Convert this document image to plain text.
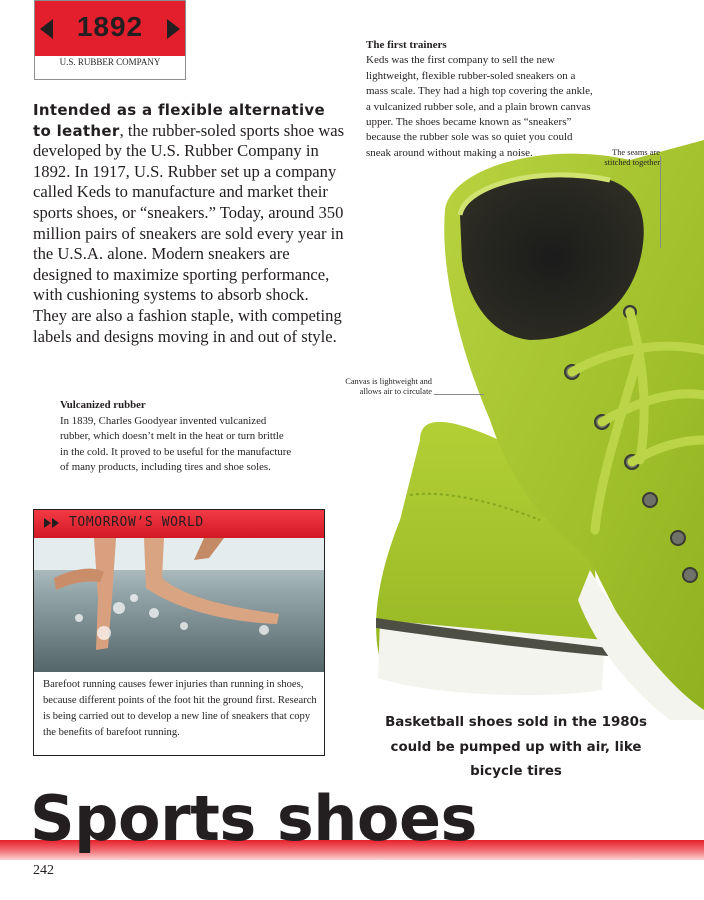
1892
U.S. RUBBER COMPANY
Intended as a flexible alternative to leather, the rubber-soled sports shoe was developed by the U.S. Rubber Company in 1892. In 1917, U.S. Rubber set up a company called Keds to manufacture and market their sports shoes, or “sneakers.” Today, around 350 million pairs of sneakers are sold every year in the U.S.A. alone. Modern sneakers are designed to maximize sporting performance, with cushioning systems to absorb shock. They are also a fashion staple, with competing labels and designs moving in and out of style.
The first trainers
Keds was the first company to sell the new lightweight, flexible rubber-soled sneakers on a mass scale. They had a high top covering the ankle, a vulcanized rubber sole, and a plain brown canvas upper. The shoes became known as “sneakers” because the rubber sole was so quiet you could sneak around without making a noise.	The seams are stitched together
Canvas is lightweight and allows air to circulate
Vulcanized rubber
In 1839, Charles Goodyear invented vulcanized rubber, which doesn’t melt in the heat or turn brittle in the cold. It proved to be useful for the manufacture of many products, including tires and shoe soles.
TOMORROW’S WORLD
Barefoot running causes fewer injuries than running in shoes, because different points of the foot hit the ground first. Research is being carried out to develop a new line of sneakers that copy the benefits of barefoot running.
Basketball shoes sold in the 1980s could be pumped up with air, like bicycle tires
Sports shoes
242
